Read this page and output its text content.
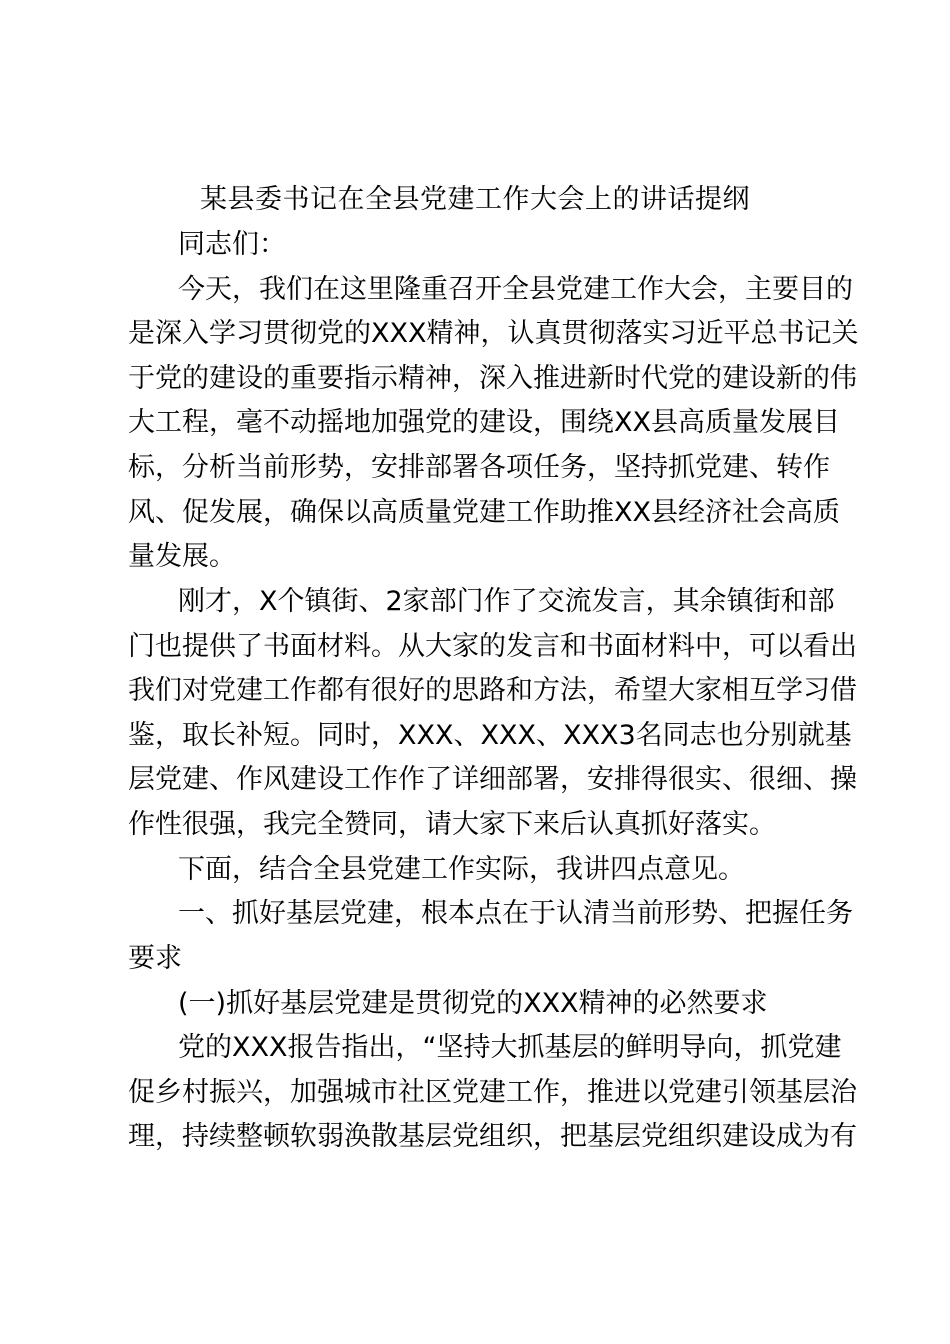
某县委书记在全县党建工作大会上的讲话提纲

同志们：

今天，我们在这里隆重召开全县党建工作大会，主要目的

是深入学习贯彻党的XXX精神，认真贯彻落实习近平总书记关

于党的建设的重要指示精神，深入推进新时代党的建设新的伟

大工程，毫不动摇地加强党的建设，围绕XX县高质量发展目

标，分析当前形势，安排部署各项任务，坚持抓党建、转作

风、促发展，确保以高质量党建工作助推XX县经济社会高质

量发展。

刚才，X个镇街、2家部门作了交流发言，其余镇街和部

门也提供了书面材料。从大家的发言和书面材料中，可以看出

我们对党建工作都有很好的思路和方法，希望大家相互学习借

鉴，取长补短。同时，XXX、XXX、XXX3名同志也分别就基

层党建、作风建设工作作了详细部署，安排得很实、很细、操

作性很强，我完全赞同，请大家下来后认真抓好落实。

下面，结合全县党建工作实际，我讲四点意见。

一、抓好基层党建，根本点在于认清当前形势、把握任务

要求

(一)抓好基层党建是贯彻党的XXX精神的必然要求

党的XXX报告指出，“坚持大抓基层的鲜明导向，抓党建

促乡村振兴，加强城市社区党建工作，推进以党建引领基层治

理，持续整顿软弱涣散基层党组织，把基层党组织建设成为有
